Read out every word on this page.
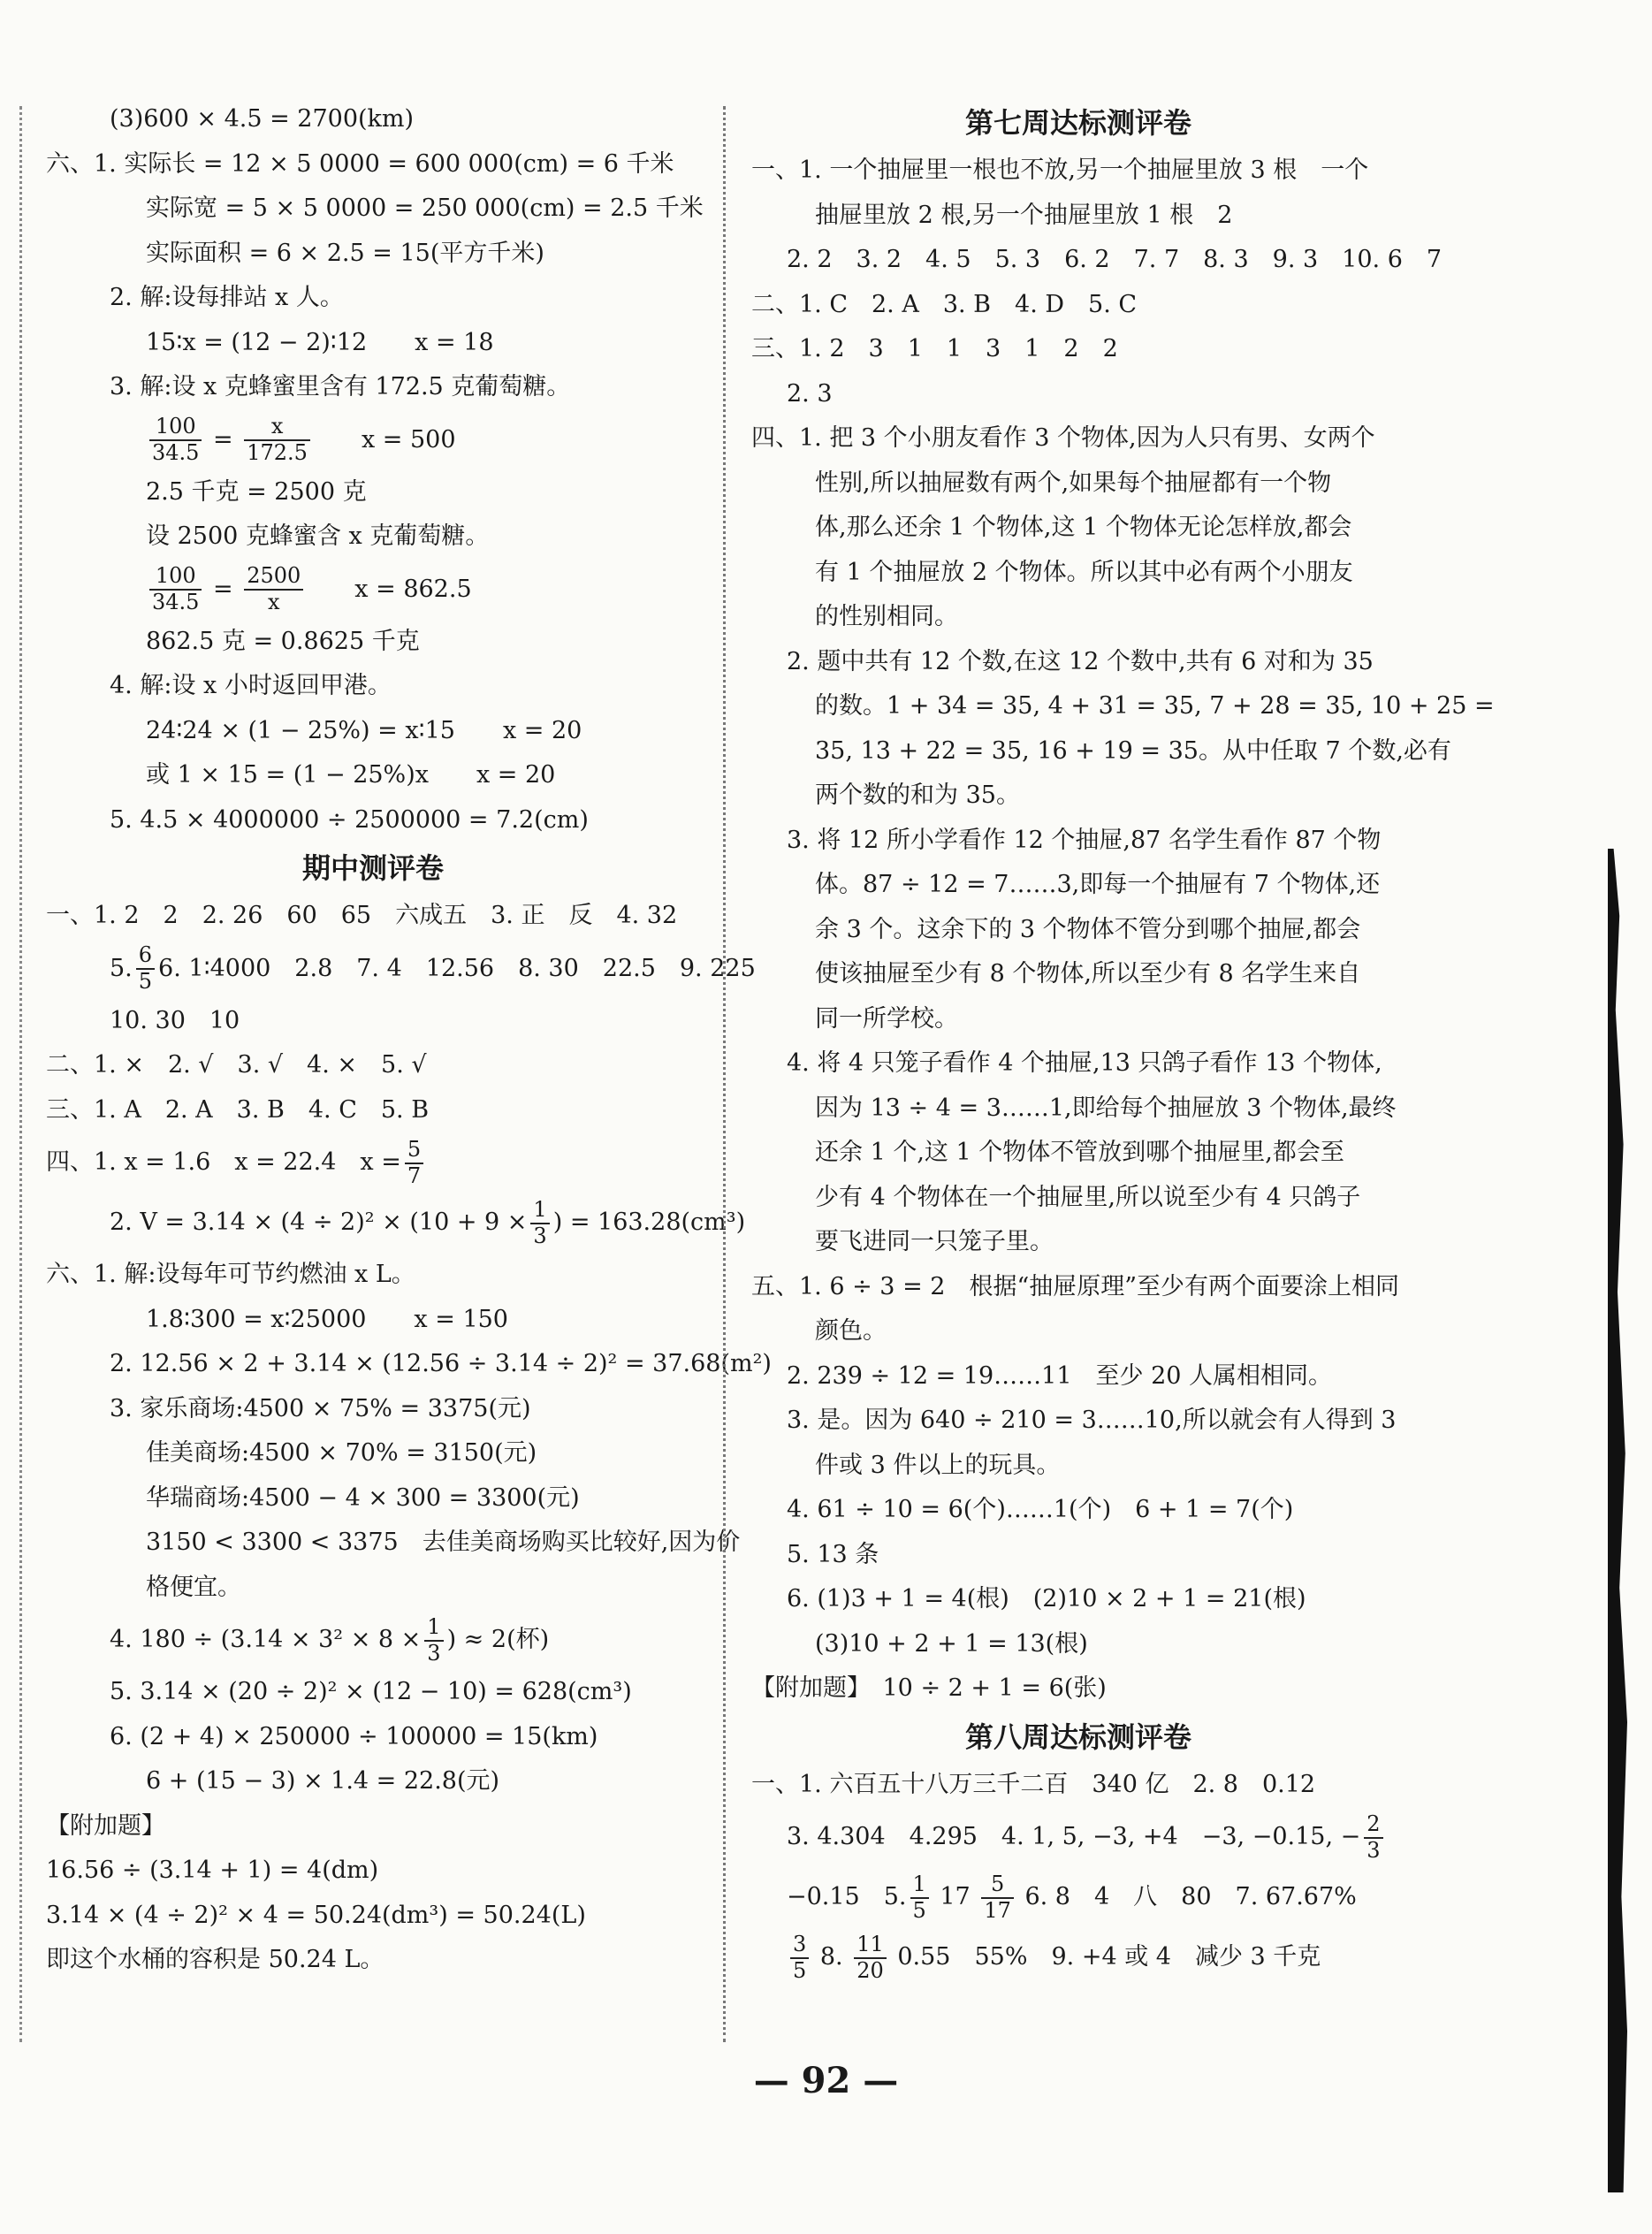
(3)600 × 4.5 = 2700(km)
六、1. 实际长 = 12 × 5 0000 = 600 000(cm) = 6 千米
实际宽 = 5 × 5 0000 = 250 000(cm) = 2.5 千米
实际面积 = 6 × 2.5 = 15(平方千米)
2. 解:设每排站 x 人。
15∶x = (12 − 2)∶12　　x = 18
3. 解:设 x 克蜂蜜里含有 172.5 克葡萄糖。
$\frac{100}{34.5} = \frac{x}{172.5}$ 　　x = 500
2.5 千克 = 2500 克
设 2500 克蜂蜜含 x 克葡萄糖。
$\frac{100}{34.5} = \frac{2500}{x}$ 　　x = 862.5
862.5 克 = 0.8625 千克
4. 解:设 x 小时返回甲港。
24∶24 × (1 − 25%) = x∶15　　x = 20
或 1 × 15 = (1 − 25%)x　　x = 20
5. 4.5 × 4000000 ÷ 2500000 = 7.2(cm)
期中测评卷
一、1. 2　2　2. 26　60　65　六成五　3. 正　反　4. 32
5. $\frac{6}{5} 6$. 1∶4000　2.8　7. 4　12.56　8. 30　22.5　9. 225
10. 30　10
二、1. ×　2. √　3. √　4. ×　5. √
三、1. A　2. A　3. B　4. C　5. B
四、1. x = 1.6　x = 22.4　$x = \frac{5}{7}$
2. $V = 3.14 \times (4 \div 2)^2 \times (10 + 9 \times \frac{1}{3}$ ) = 163.28(cm³)
六、1. 解:设每年可节约燃油 x L。
1.8∶300 = x∶25000　　x = 150
2. 12.56 × 2 + 3.14 × (12.56 ÷ 3.14 ÷ 2)² = 37.68(m²)
3. 家乐商场:4500 × 75% = 3375(元)
佳美商场:4500 × 70% = 3150(元)
华瑞商场:4500 − 4 × 300 = 3300(元)
3150 < 3300 < 3375　去佳美商场购买比较好,因为价
格便宜。
4. $180 \div (3.14 \times 3^2 \times 8 \times \frac{1}{3}$ ) ≈ 2(杯)
5. 3.14 × (20 ÷ 2)² × (12 − 10) = 628(cm³)
6. (2 + 4) × 250000 ÷ 100000 = 15(km)
6 + (15 − 3) × 1.4 = 22.8(元)
【附加题】
16.56 ÷ (3.14 + 1) = 4(dm)
3.14 × (4 ÷ 2)² × 4 = 50.24(dm³) = 50.24(L)
即这个水桶的容积是 50.24 L。
第七周达标测评卷
一、1. 一个抽屉里一根也不放,另一个抽屉里放 3 根　一个
抽屉里放 2 根,另一个抽屉里放 1 根　2
2. 2　3. 2　4. 5　5. 3　6. 2　7. 7　8. 3　9. 3　10. 6　7
二、1. C　2. A　3. B　4. D　5. C
三、1. 2　3　1　1　3　1　2　2
2. 3
四、1. 把 3 个小朋友看作 3 个物体,因为人只有男、女两个
性别,所以抽屉数有两个,如果每个抽屉都有一个物
体,那么还余 1 个物体,这 1 个物体无论怎样放,都会
有 1 个抽屉放 2 个物体。所以其中必有两个小朋友
的性别相同。
2. 题中共有 12 个数,在这 12 个数中,共有 6 对和为 35
的数。1 + 34 = 35, 4 + 31 = 35, 7 + 28 = 35, 10 + 25 =
35, 13 + 22 = 35, 16 + 19 = 35。从中任取 7 个数,必有
两个数的和为 35。
3. 将 12 所小学看作 12 个抽屉,87 名学生看作 87 个物
体。87 ÷ 12 = 7……3,即每一个抽屉有 7 个物体,还
余 3 个。这余下的 3 个物体不管分到哪个抽屉,都会
使该抽屉至少有 8 个物体,所以至少有 8 名学生来自
同一所学校。
4. 将 4 只笼子看作 4 个抽屉,13 只鸽子看作 13 个物体,
因为 13 ÷ 4 = 3……1,即给每个抽屉放 3 个物体,最终
还余 1 个,这 1 个物体不管放到哪个抽屉里,都会至
少有 4 个物体在一个抽屉里,所以说至少有 4 只鸽子
要飞进同一只笼子里。
五、1. 6 ÷ 3 = 2　根据“抽屉原理”至少有两个面要涂上相同
颜色。
2. 239 ÷ 12 = 19……11　至少 20 人属相相同。
3. 是。因为 640 ÷ 210 = 3……10,所以就会有人得到 3
件或 3 件以上的玩具。
4. 61 ÷ 10 = 6(个)……1(个)　6 + 1 = 7(个)
5. 13 条
6. (1)3 + 1 = 4(根)　(2)10 × 2 + 1 = 21(根)
(3)10 + 2 + 1 = 13(根)
【附加题】　10 ÷ 2 + 1 = 6(张)
第八周达标测评卷
一、1. 六百五十八万三千二百　340 亿　2. 8　0.12
3. 4.304　4.295　4. 1, 5, −3, +4　−3, −0.15, − $\frac{2}{3}$
−0.15　5. $\frac{1}{5} 17 \frac{5}{17} 6$. 8　4　八　80　7. 67.67%
$\frac{3}{5} 8$. $\frac{11}{20} 0.55$　55%　9. +4 或 4　减少 3 千克
— 92 —
